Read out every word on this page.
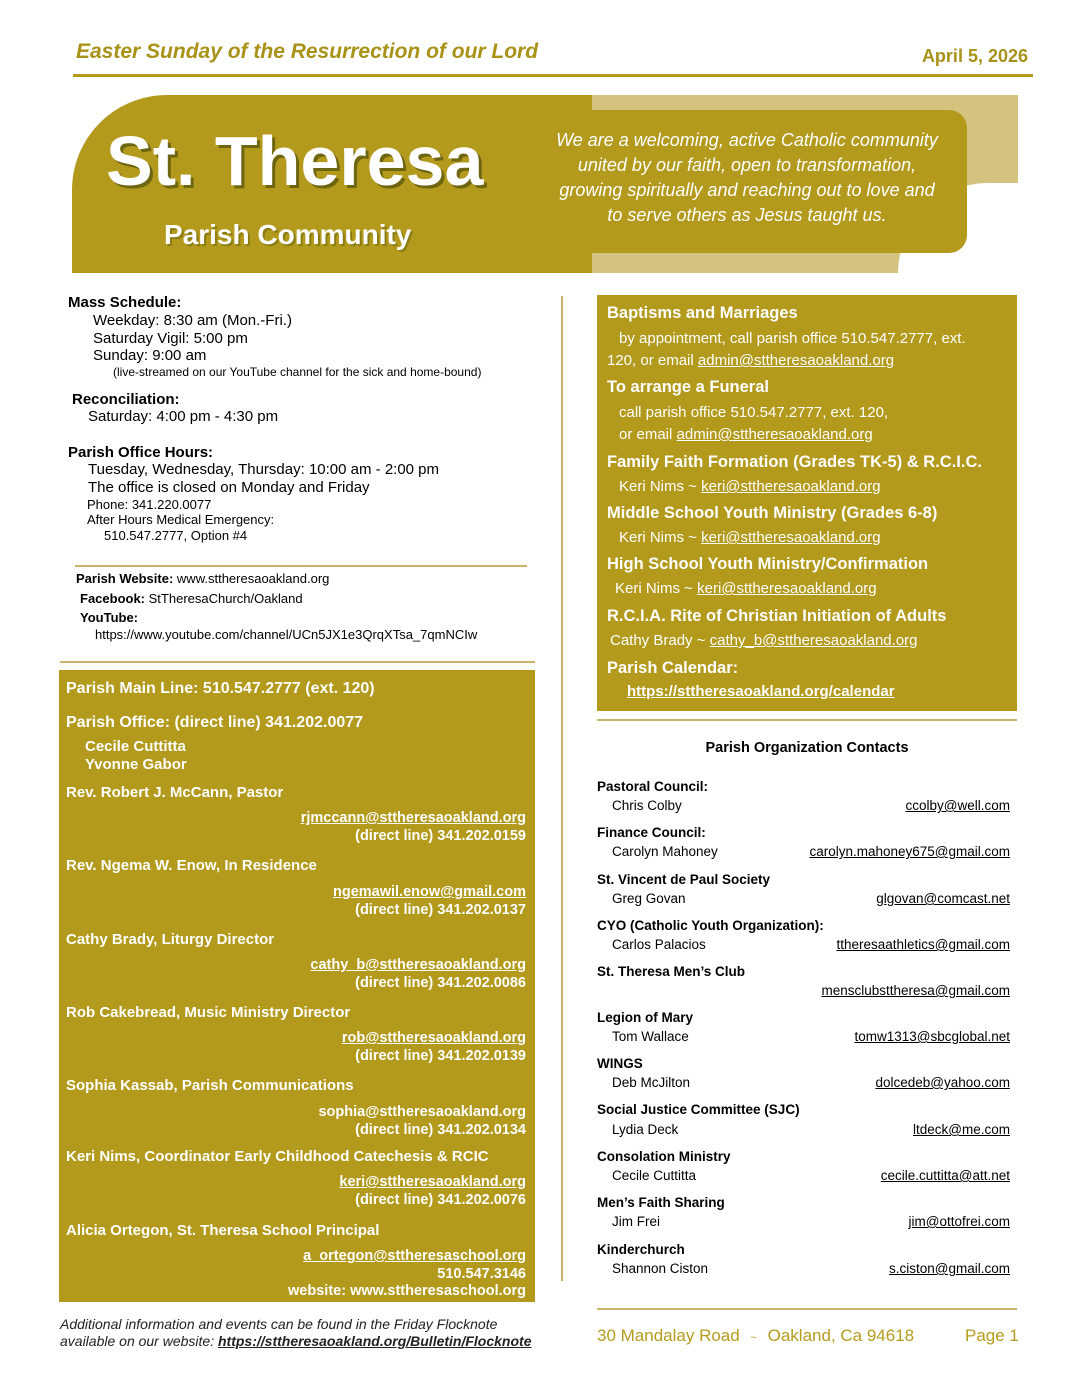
Easter Sunday of the Resurrection of our Lord	April 5, 2026
St. Theresa
Parish Community
We are a welcoming, active Catholic community
united by our faith, open to transformation,
growing spiritually and reaching out to love and
to serve others as Jesus taught us.
Mass Schedule:
Weekday: 8:30 am (Mon.-Fri.)
Saturday Vigil: 5:00 pm
Sunday: 9:00 am
(live-streamed on our YouTube channel for the sick and home-bound)
Reconciliation:
Saturday: 4:00 pm - 4:30 pm
Parish Office Hours:
Tuesday, Wednesday, Thursday: 10:00 am - 2:00 pm
The office is closed on Monday and Friday
Phone: 341.220.0077
After Hours Medical Emergency:
510.547.2777, Option #4
Parish Website: www.sttheresaoakland.org
Facebook: StTheresaChurch/Oakland
YouTube:
https://www.youtube.com/channel/UCn5JX1e3QrqXTsa_7qmNCIw
Parish Main Line: 510.547.2777 (ext. 120)
Parish Office: (direct line) 341.202.0077
Cecile Cuttitta
Yvonne Gabor
Rev. Robert J. McCann, Pastor
rjmccann@sttheresaoakland.org
(direct line) 341.202.0159
Rev. Ngema W. Enow, In Residence
ngemawil.enow@gmail.com
(direct line) 341.202.0137
Cathy Brady, Liturgy Director
cathy_b@sttheresaoakland.org
(direct line) 341.202.0086
Rob Cakebread, Music Ministry Director
rob@sttheresaoakland.org
(direct line) 341.202.0139
Sophia Kassab, Parish Communications
sophia@sttheresaoakland.org
(direct line) 341.202.0134
Keri Nims, Coordinator Early Childhood Catechesis & RCIC
keri@sttheresaoakland.org
(direct line) 341.202.0076
Alicia Ortegon, St. Theresa School Principal
a_ortegon@sttheresaschool.org
510.547.3146
website: www.sttheresaschool.org
Baptisms and Marriages
by appointment, call parish office 510.547.2777, ext.
120, or email admin@sttheresaoakland.org
To arrange a Funeral
call parish office 510.547.2777, ext. 120,
or email admin@sttheresaoakland.org
Family Faith Formation (Grades TK-5) & R.C.I.C.
Keri Nims ~ keri@sttheresaoakland.org
Middle School Youth Ministry (Grades 6-8)
Keri Nims ~ keri@sttheresaoakland.org
High School Youth Ministry/Confirmation
Keri Nims ~ keri@sttheresaoakland.org
R.C.I.A. Rite of Christian Initiation of Adults
Cathy Brady ~ cathy_b@sttheresaoakland.org
Parish Calendar:
https://sttheresaoakland.org/calendar
Parish Organization Contacts
Pastoral Council:
Chris Colby	ccolby@well.com
Finance Council:
Carolyn Mahoney	carolyn.mahoney675@gmail.com
St. Vincent de Paul Society
Greg Govan	glgovan@comcast.net
CYO (Catholic Youth Organization):
Carlos Palacios	ttheresaathletics@gmail.com
St. Theresa Men’s Club
mensclubsttheresa@gmail.com
Legion of Mary
Tom Wallace	tomw1313@sbcglobal.net
WINGS
Deb McJilton	dolcedeb@yahoo.com
Social Justice Committee (SJC)
Lydia Deck	ltdeck@me.com
Consolation Ministry
Cecile Cuttitta	cecile.cuttitta@att.net
Men’s Faith Sharing
Jim Frei	jim@ottofrei.com
Kinderchurch
Shannon Ciston	s.ciston@gmail.com
Additional information and events can be found in the Friday Flocknote
available on our website: https://sttheresaoakland.org/Bulletin/Flocknote	30 Mandalay Road ~ Oakland, Ca 94618	Page 1
